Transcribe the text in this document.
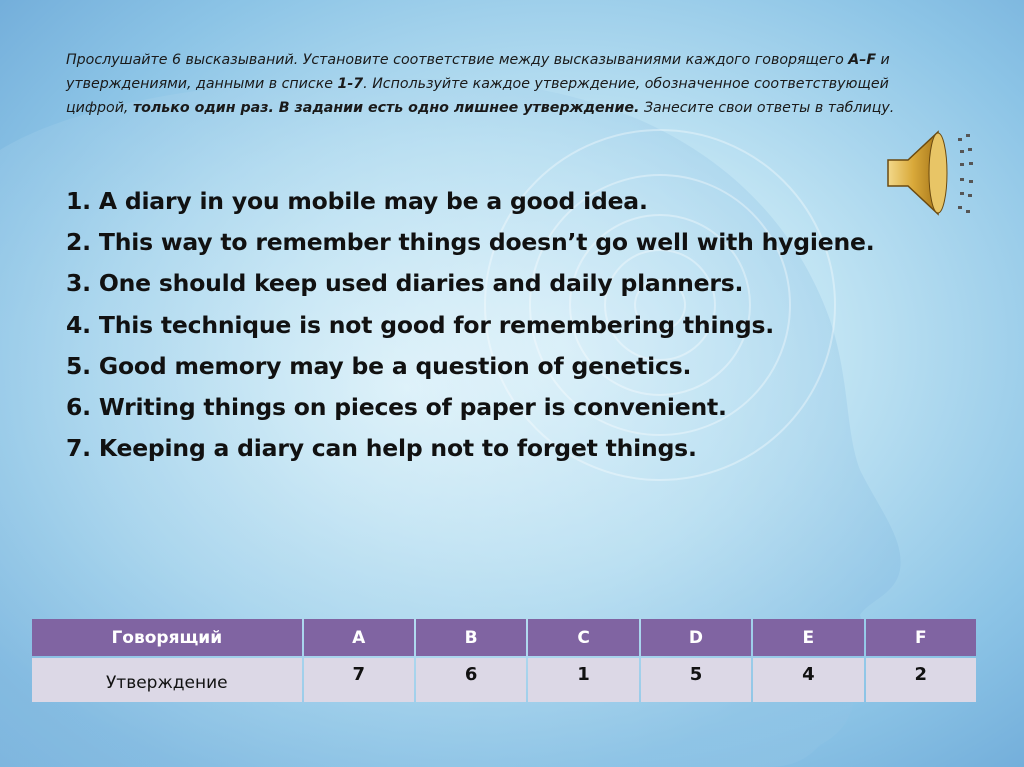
Прослушайте 6 высказываний. Установите соответствие между высказываниями каждого говорящего A–F и утверждениями, данными в списке 1-7. Используйте каждое утверждение, обозначенное соответствующей цифрой, только один раз. В задании есть одно лишнее утверждение. Занесите свои ответы в таблицу.
1. A diary in you mobile may be a good idea.
2. This way to remember things doesn’t go well with hygiene.
3. One should keep used diaries and daily planners.
4. This technique is not good for remembering things.
5. Good memory may be a question of genetics.
6. Writing things on pieces of paper is convenient.
7. Keeping a diary can help not to forget things.
Говорящий	A	B	C	D	E	F
Утверждение	7	6	1	5	4	2
